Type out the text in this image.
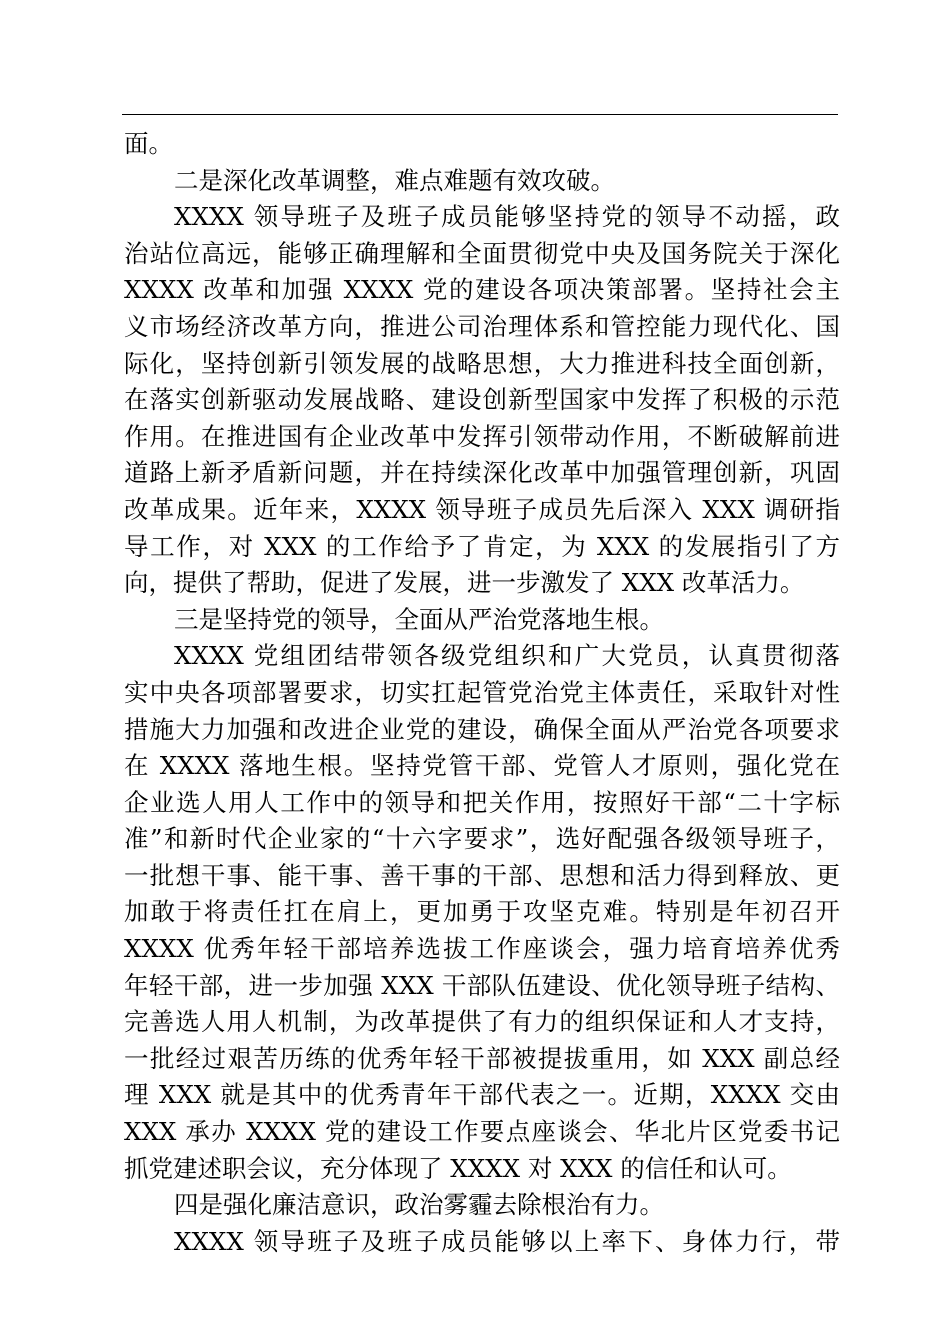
面。
二是深化改革调整，难点难题有效攻破。
XXXX 领导班子及班子成员能够坚持党的领导不动摇，政
治站位高远，能够正确理解和全面贯彻党中央及国务院关于深化
XXXX 改革和加强 XXXX 党的建设各项决策部署。坚持社会主
义市场经济改革方向，推进公司治理体系和管控能力现代化、国
际化，坚持创新引领发展的战略思想，大力推进科技全面创新，
在落实创新驱动发展战略、建设创新型国家中发挥了积极的示范
作用。在推进国有企业改革中发挥引领带动作用，不断破解前进
道路上新矛盾新问题，并在持续深化改革中加强管理创新，巩固
改革成果。近年来，XXXX 领导班子成员先后深入 XXX 调研指
导工作，对 XXX 的工作给予了肯定，为 XXX 的发展指引了方
向，提供了帮助，促进了发展，进一步激发了 XXX 改革活力。
三是坚持党的领导，全面从严治党落地生根。
XXXX 党组团结带领各级党组织和广大党员，认真贯彻落
实中央各项部署要求，切实扛起管党治党主体责任，采取针对性
措施大力加强和改进企业党的建设，确保全面从严治党各项要求
在 XXXX 落地生根。坚持党管干部、党管人才原则，强化党在
企业选人用人工作中的领导和把关作用，按照好干部“二十字标
准”和新时代企业家的“十六字要求”，选好配强各级领导班子，
一批想干事、能干事、善干事的干部、思想和活力得到释放、更
加敢于将责任扛在肩上，更加勇于攻坚克难。特别是年初召开
XXXX 优秀年轻干部培养选拔工作座谈会，强力培育培养优秀
年轻干部，进一步加强 XXX 干部队伍建设、优化领导班子结构、
完善选人用人机制，为改革提供了有力的组织保证和人才支持，
一批经过艰苦历练的优秀年轻干部被提拔重用，如 XXX 副总经
理 XXX 就是其中的优秀青年干部代表之一。近期，XXXX 交由
XXX 承办 XXXX 党的建设工作要点座谈会、华北片区党委书记
抓党建述职会议，充分体现了 XXXX 对 XXX 的信任和认可。
四是强化廉洁意识，政治雾霾去除根治有力。
XXXX 领导班子及班子成员能够以上率下、身体力行，带
